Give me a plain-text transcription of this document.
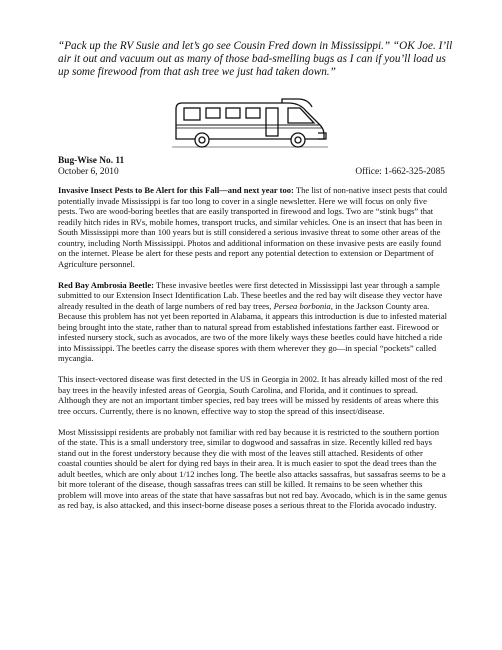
“Pack up the RV Susie and let’s go see Cousin Fred down in Mississippi.” “OK Joe. I’ll air it out and vacuum out as many of those bad-smelling bugs as I can if you’ll load us up some firewood from that ash tree we just had taken down.”

Bug-Wise No. 11
October 6, 2010	Office: 1-662-325-2085

Invasive Insect Pests to Be Alert for this Fall—and next year too: The list of non-native insect pests that could potentially invade Mississippi is far too long to cover in a single newsletter. Here we will focus on only five pests. Two are wood-boring beetles that are easily transported in firewood and logs. Two are “stink bugs” that readily hitch rides in RVs, mobile homes, transport trucks, and similar vehicles. One is an insect that has been in South Mississippi more than 100 years but is still considered a serious invasive threat to some other areas of the country, including North Mississippi. Photos and additional information on these invasive pests are easily found on the internet. Please be alert for these pests and report any potential detection to extension or Department of Agriculture personnel.

Red Bay Ambrosia Beetle: These invasive beetles were first detected in Mississippi last year through a sample submitted to our Extension Insect Identification Lab. These beetles and the red bay wilt disease they vector have already resulted in the death of large numbers of red bay trees, Persea borbonia, in the Jackson County area. Because this problem has not yet been reported in Alabama, it appears this introduction is due to infested material being brought into the state, rather than to natural spread from established infestations farther east. Firewood or infested nursery stock, such as avocados, are two of the more likely ways these beetles could have hitched a ride into Mississippi. The beetles carry the disease spores with them wherever they go—in special “pockets” called mycangia.

This insect-vectored disease was first detected in the US in Georgia in 2002. It has already killed most of the red bay trees in the heavily infested areas of Georgia, South Carolina, and Florida, and it continues to spread. Although they are not an important timber species, red bay trees will be missed by residents of areas where this tree occurs. Currently, there is no known, effective way to stop the spread of this insect/disease.

Most Mississippi residents are probably not familiar with red bay because it is restricted to the southern portion of the state. This is a small understory tree, similar to dogwood and sassafras in size. Recently killed red bays stand out in the forest understory because they die with most of the leaves still attached. Residents of other coastal counties should be alert for dying red bays in their area. It is much easier to spot the dead trees than the adult beetles, which are only about 1/12 inches long. The beetle also attacks sassafras, but sassafras seems to be a bit more tolerant of the disease, though sassafras trees can still be killed. It remains to be seen whether this problem will move into areas of the state that have sassafras but not red bay. Avocado, which is in the same genus as red bay, is also attacked, and this insect-borne disease poses a serious threat to the Florida avocado industry.
